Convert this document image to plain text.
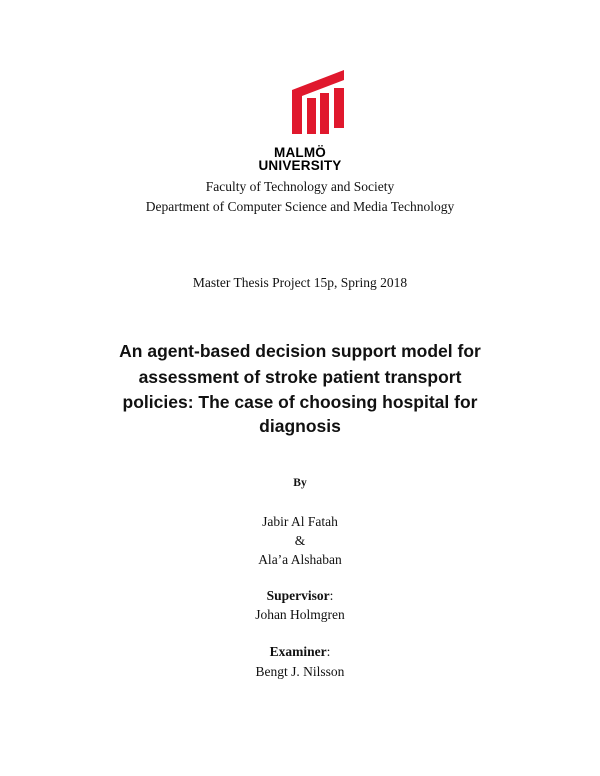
MALMÖ
UNIVERSITY
Faculty of Technology and Society
Department of Computer Science and Media Technology
Master Thesis Project 15p, Spring 2018
An agent-based decision support model for
assessment of stroke patient transport
policies: The case of choosing hospital for
diagnosis
By
Jabir Al Fatah
&
Ala’a Alshaban
Supervisor:
Johan Holmgren
Examiner:
Bengt J. Nilsson
